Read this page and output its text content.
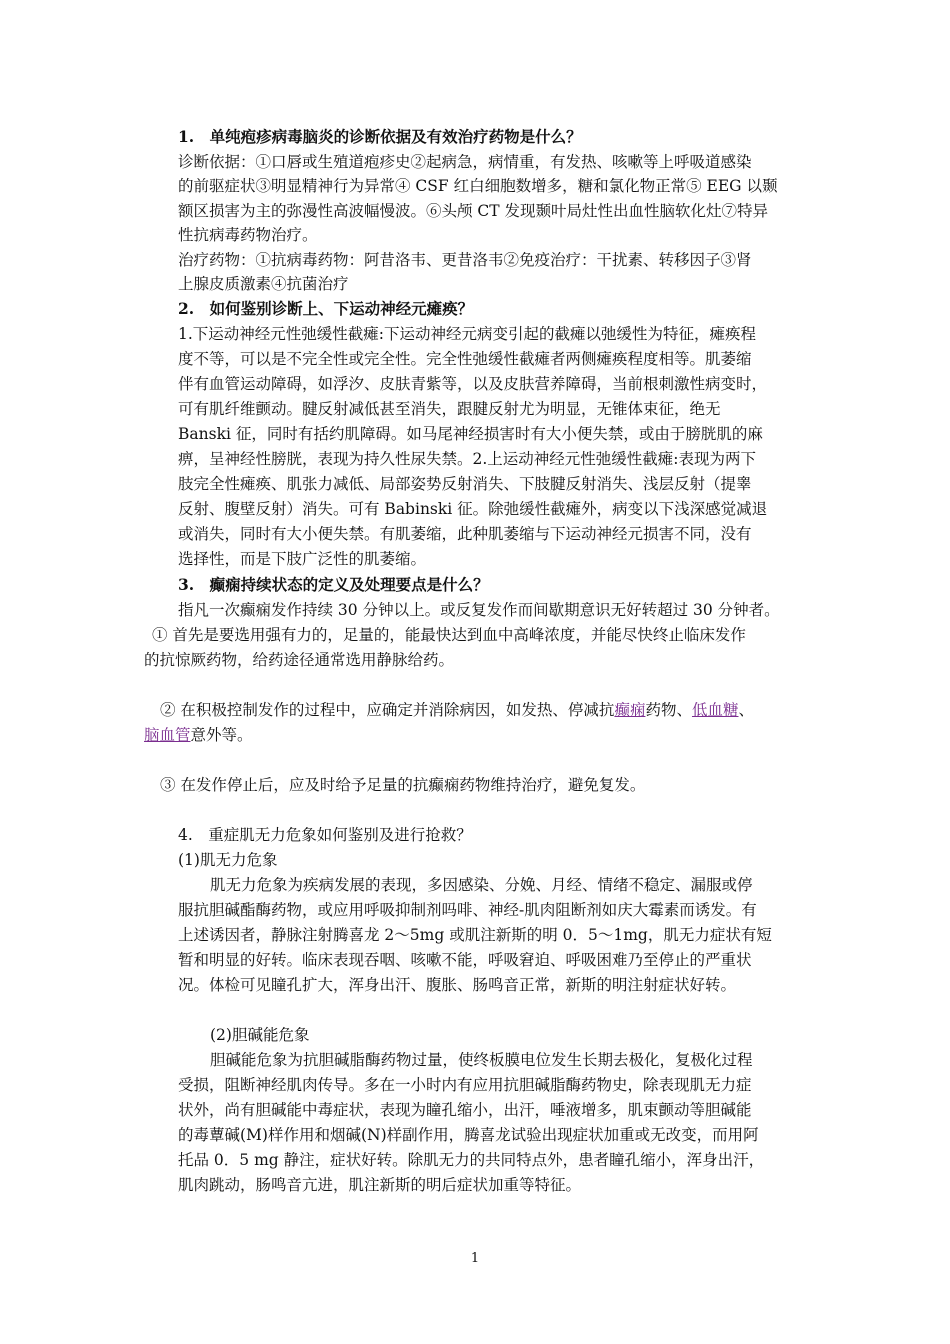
1.　单纯疱疹病毒脑炎的诊断依据及有效治疗药物是什么？
诊断依据：①口唇或生殖道疱疹史②起病急，病情重，有发热、咳嗽等上呼吸道感染
的前驱症状③明显精神行为异常④ CSF 红白细胞数增多，糖和氯化物正常⑤ EEG 以颞
额区损害为主的弥漫性高波幅慢波。⑥头颅 CT 发现颞叶局灶性出血性脑软化灶⑦特异
性抗病毒药物治疗。
治疗药物：①抗病毒药物：阿昔洛韦、更昔洛韦②免疫治疗：干扰素、转移因子③肾
上腺皮质激素④抗菌治疗
2.　如何鉴别诊断上、下运动神经元瘫痪？
1.下运动神经元性弛缓性截瘫:下运动神经元病变引起的截瘫以弛缓性为特征，瘫痪程
度不等，可以是不完全性或完全性。完全性弛缓性截瘫者两侧瘫痪程度相等。肌萎缩
伴有血管运动障碍，如浮汐、皮肤青紫等，以及皮肤营养障碍，当前根刺激性病变时，
可有肌纤维颤动。腱反射减低甚至消失，跟腱反射尤为明显，无锥体束征，绝无
Banski 征，同时有括约肌障碍。如马尾神经损害时有大小便失禁，或由于膀胱肌的麻
痹，呈神经性膀胱，表现为持久性尿失禁。2.上运动神经元性弛缓性截瘫:表现为两下
肢完全性瘫痪、肌张力减低、局部姿势反射消失、下肢腱反射消失、浅层反射（提睾
反射、腹壁反射）消失。可有 Babinski 征。除弛缓性截瘫外，病变以下浅深感觉减退
或消失，同时有大小便失禁。有肌萎缩，此种肌萎缩与下运动神经元损害不同，没有
选择性，而是下肢广泛性的肌萎缩。
3.　癫痫持续状态的定义及处理要点是什么？
指凡一次癫痫发作持续 30 分钟以上。或反复发作而间歇期意识无好转超过 30 分钟者。
① 首先是要选用强有力的，足量的，能最快达到血中高峰浓度，并能尽快终止临床发作
的抗惊厥药物，给药途径通常选用静脉给药。
② 在积极控制发作的过程中，应确定并消除病因，如发热、停减抗癫痫药物、低血糖、
脑血管意外等。
③ 在发作停止后，应及时给予足量的抗癫痫药物维持治疗，避免复发。
4.　重症肌无力危象如何鉴别及进行抢救？
(1)肌无力危象
肌无力危象为疾病发展的表现，多因感染、分娩、月经、情绪不稳定、漏服或停
服抗胆碱酯酶药物，或应用呼吸抑制剂吗啡、神经-肌肉阻断剂如庆大霉素而诱发。有
上述诱因者，静脉注射腾喜龙 2～5mg 或肌注新斯的明 0．5～1mg，肌无力症状有短
暂和明显的好转。临床表现吞咽、咳嗽不能，呼吸窘迫、呼吸困难乃至停止的严重状
况。体检可见瞳孔扩大，浑身出汗、腹胀、肠鸣音正常，新斯的明注射症状好转。
(2)胆碱能危象
胆碱能危象为抗胆碱脂酶药物过量，使终板膜电位发生长期去极化，复极化过程
受损，阻断神经肌肉传导。多在一小时内有应用抗胆碱脂酶药物史，除表现肌无力症
状外，尚有胆碱能中毒症状，表现为瞳孔缩小，出汗，唾液增多，肌束颤动等胆碱能
的毒蕈碱(M)样作用和烟碱(N)样副作用，腾喜龙试验出现症状加重或无改变，而用阿
托品 0．5 mg 静注，症状好转。除肌无力的共同特点外，患者瞳孔缩小，浑身出汗，
肌肉跳动，肠鸣音亢进，肌注新斯的明后症状加重等特征。
1
